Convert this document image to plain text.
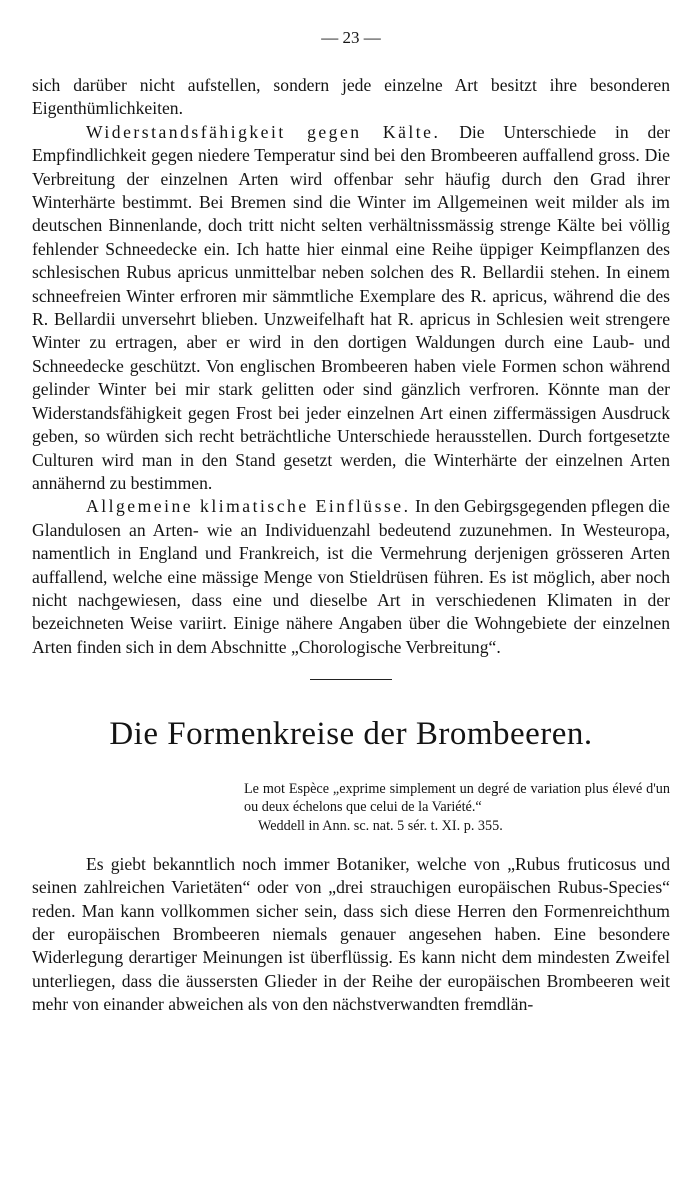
— 23 —

sich darüber nicht aufstellen, sondern jede einzelne Art besitzt ihre besonderen Eigenthümlichkeiten.

Widerstandsfähigkeit gegen Kälte. Die Unterschiede in der Empfindlichkeit gegen niedere Temperatur sind bei den Brombeeren auffallend gross. Die Verbreitung der einzelnen Arten wird offenbar sehr häufig durch den Grad ihrer Winterhärte bestimmt. Bei Bremen sind die Winter im Allgemeinen weit milder als im deutschen Binnenlande, doch tritt nicht selten verhältnissmässig strenge Kälte bei völlig fehlender Schneedecke ein. Ich hatte hier einmal eine Reihe üppiger Keimpflanzen des schlesischen Rubus apricus unmittelbar neben solchen des R. Bellardii stehen. In einem schneefreien Winter erfroren mir sämmtliche Exemplare des R. apricus, während die des R. Bellardii unversehrt blieben. Unzweifelhaft hat R. apricus in Schlesien weit strengere Winter zu ertragen, aber er wird in den dortigen Waldungen durch eine Laub- und Schneedecke geschützt. Von englischen Brombeeren haben viele Formen schon während gelinder Winter bei mir stark gelitten oder sind gänzlich verfroren. Könnte man der Widerstandsfähigkeit gegen Frost bei jeder einzelnen Art einen ziffermässigen Ausdruck geben, so würden sich recht beträchtliche Unterschiede herausstellen. Durch fortgesetzte Culturen wird man in den Stand gesetzt werden, die Winterhärte der einzelnen Arten annähernd zu bestimmen.

Allgemeine klimatische Einflüsse. In den Gebirgsgegenden pflegen die Glandulosen an Arten- wie an Individuenzahl bedeutend zuzunehmen. In Westeuropa, namentlich in England und Frankreich, ist die Vermehrung derjenigen grösseren Arten auffallend, welche eine mässige Menge von Stieldrüsen führen. Es ist möglich, aber noch nicht nachgewiesen, dass eine und dieselbe Art in verschiedenen Klimaten in der bezeichneten Weise variirt. Einige nähere Angaben über die Wohngebiete der einzelnen Arten finden sich in dem Abschnitte „Chorologische Verbreitung“.

Die Formenkreise der Brombeeren.
Le mot Espèce „exprime simplement un degré de variation plus élevé d'un ou deux échelons que celui de la Variété.“
Weddell in Ann. sc. nat. 5 sér. t. XI. p. 355.

Es giebt bekanntlich noch immer Botaniker, welche von „Rubus fruticosus und seinen zahlreichen Varietäten“ oder von „drei strauchigen europäischen Rubus-Species“ reden. Man kann vollkommen sicher sein, dass sich diese Herren den Formenreichthum der europäischen Brombeeren niemals genauer angesehen haben. Eine besondere Widerlegung derartiger Meinungen ist überflüssig. Es kann nicht dem mindesten Zweifel unterliegen, dass die äussersten Glieder in der Reihe der europäischen Brombeeren weit mehr von einander abweichen als von den nächstverwandten fremdlän-
